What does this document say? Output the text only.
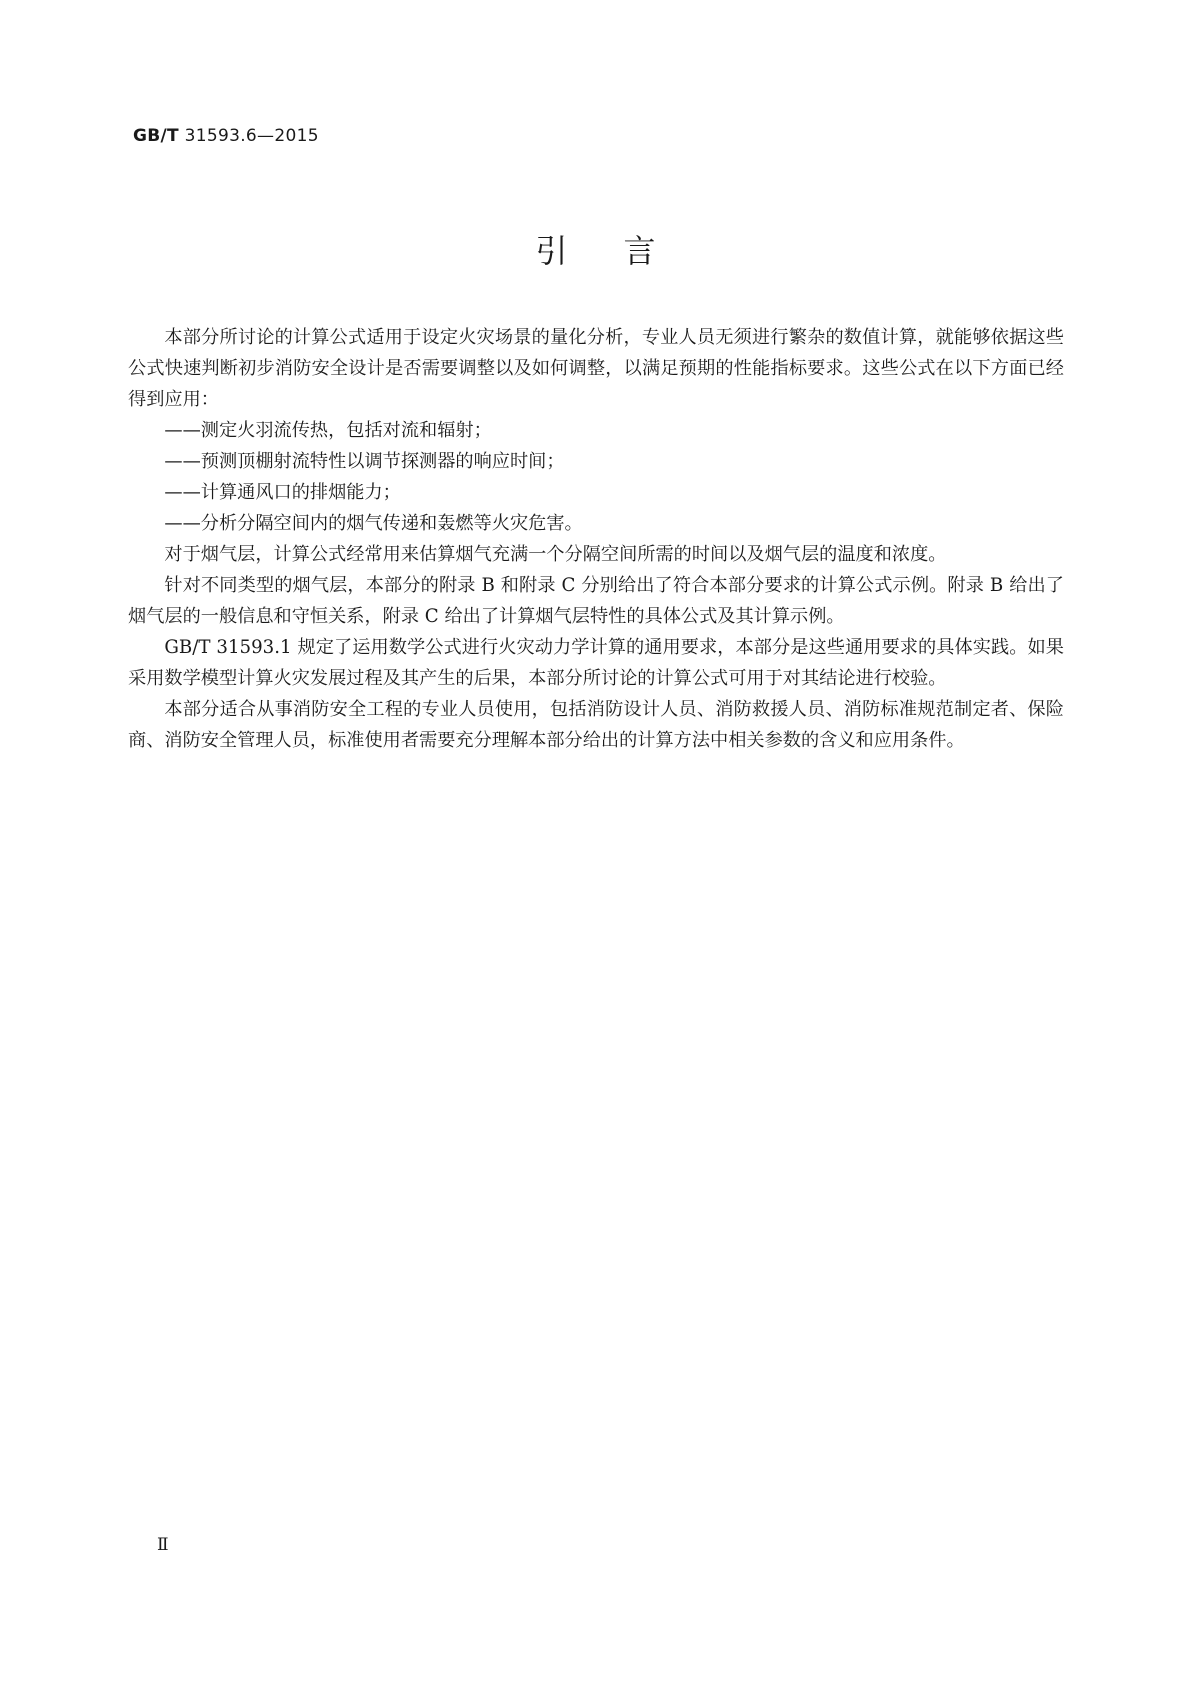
GB/T 31593.6—2015
引言

本部分所讨论的计算公式适用于设定火灾场景的量化分析，专业人员无须进行繁杂的数值计算，就能够依据这些公式快速判断初步消防安全设计是否需要调整以及如何调整，以满足预期的性能指标要求。这些公式在以下方面已经得到应用：

——测定火羽流传热，包括对流和辐射；

——预测顶棚射流特性以调节探测器的响应时间；

——计算通风口的排烟能力；

——分析分隔空间内的烟气传递和轰燃等火灾危害。

对于烟气层，计算公式经常用来估算烟气充满一个分隔空间所需的时间以及烟气层的温度和浓度。

针对不同类型的烟气层，本部分的附录 B 和附录 C 分别给出了符合本部分要求的计算公式示例。附录 B 给出了烟气层的一般信息和守恒关系，附录 C 给出了计算烟气层特性的具体公式及其计算示例。

GB/T 31593.1 规定了运用数学公式进行火灾动力学计算的通用要求，本部分是这些通用要求的具体实践。如果采用数学模型计算火灾发展过程及其产生的后果，本部分所讨论的计算公式可用于对其结论进行校验。

本部分适合从事消防安全工程的专业人员使用，包括消防设计人员、消防救援人员、消防标准规范制定者、保险商、消防安全管理人员，标准使用者需要充分理解本部分给出的计算方法中相关参数的含义和应用条件。

Ⅱ
